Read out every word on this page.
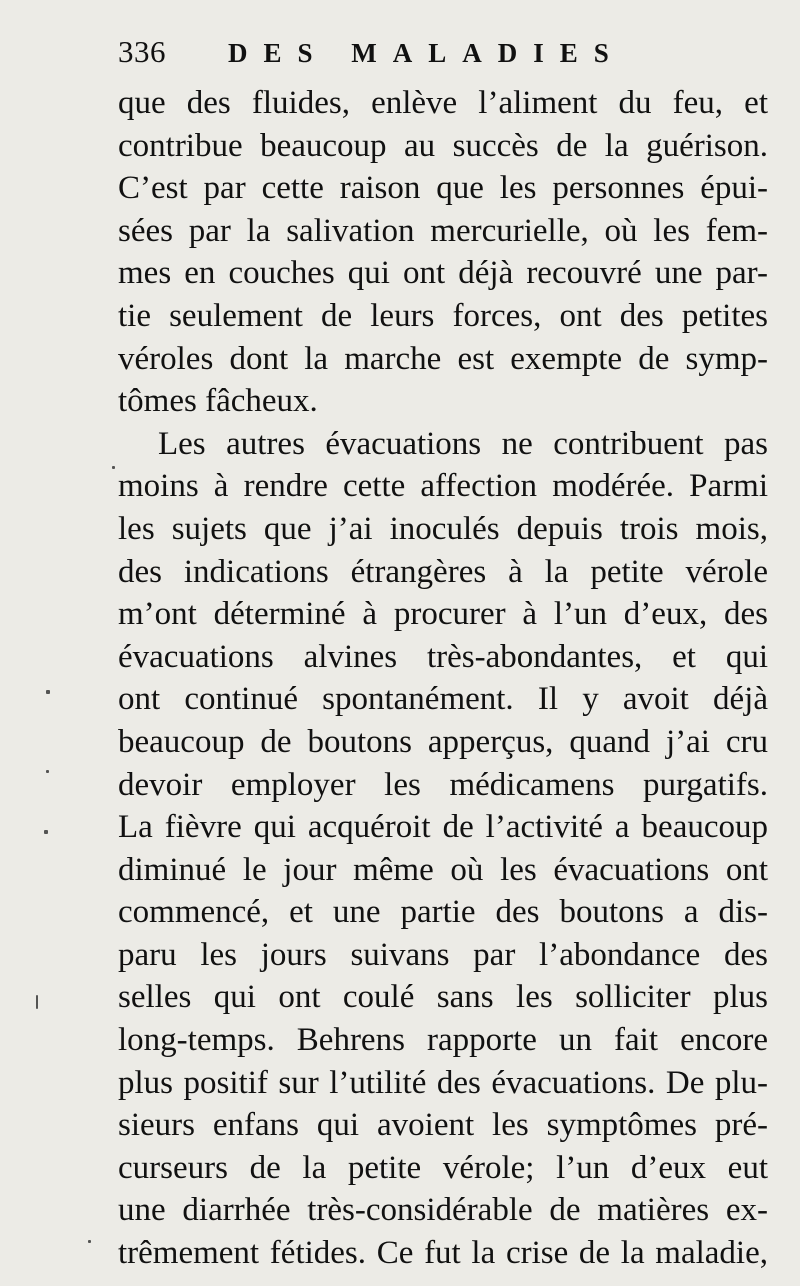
336	DES MALADIES
que des fluides, enlève l’aliment du feu, et
contribue beaucoup au succès de la guérison.
C’est par cette raison que les personnes épui-
sées par la salivation mercurielle, où les fem-
mes en couches qui ont déjà recouvré une par-
tie seulement de leurs forces, ont des petites
véroles dont la marche est exempte de symp-
tômes fâcheux.
Les autres évacuations ne contribuent pas
moins à rendre cette affection modérée. Parmi
les sujets que j’ai inoculés depuis trois mois,
des indications étrangères à la petite vérole
m’ont déterminé à procurer à l’un d’eux, des
évacuations alvines très-abondantes, et qui
ont continué spontanément. Il y avoit déjà
beaucoup de boutons apperçus, quand j’ai cru
devoir employer les médicamens purgatifs.
La fièvre qui acquéroit de l’activité a beaucoup
diminué le jour même où les évacuations ont
commencé, et une partie des boutons a dis-
paru les jours suivans par l’abondance des
selles qui ont coulé sans les solliciter plus
long-temps. Behrens rapporte un fait encore
plus positif sur l’utilité des évacuations. De plu-
sieurs enfans qui avoient les symptômes pré-
curseurs de la petite vérole; l’un d’eux eut
une diarrhée très-considérable de matières ex-
trêmement fétides. Ce fut la crise de la maladie,
